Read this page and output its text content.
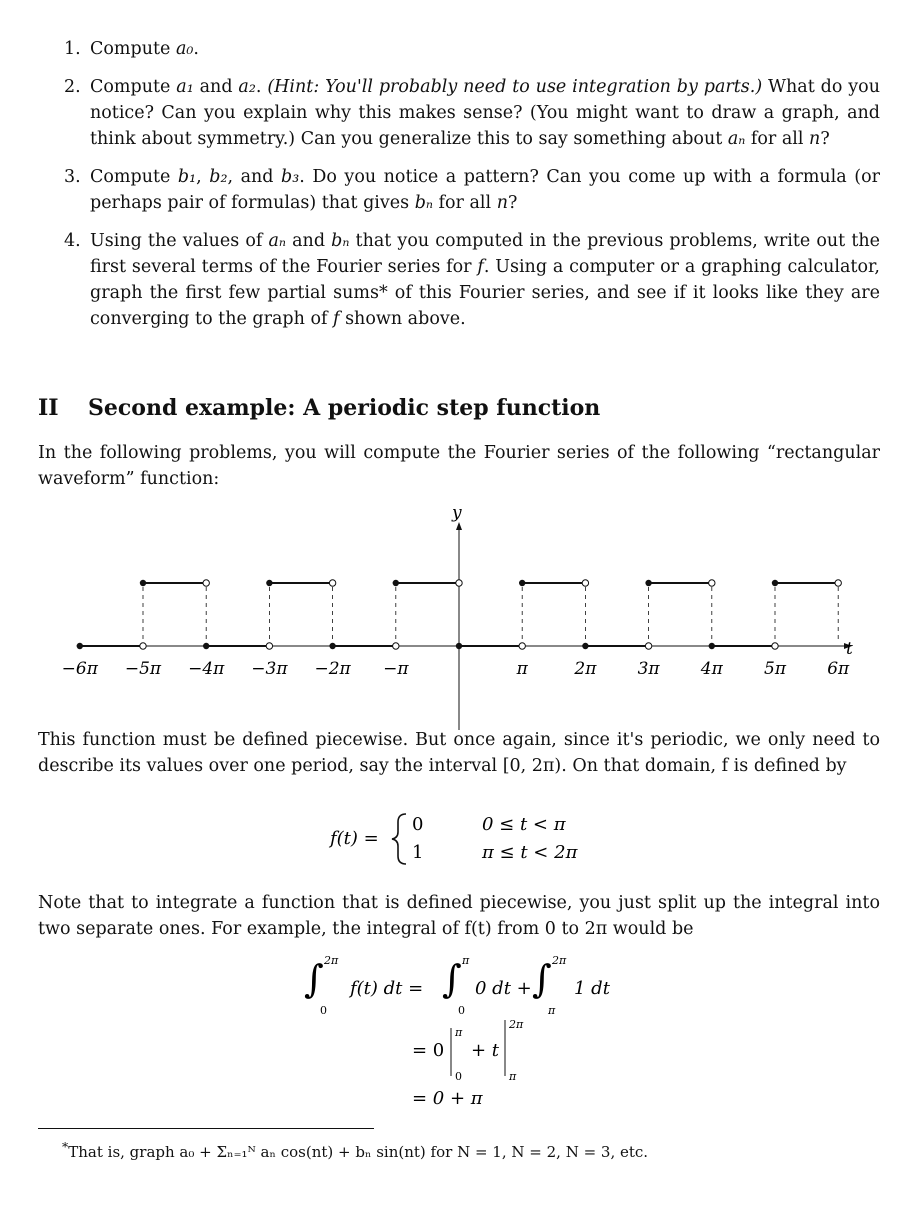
1. Compute a₀.
2. Compute a₁ and a₂. (Hint: You'll probably need to use integration by parts.) What do you notice? Can you explain why this makes sense? (You might want to draw a graph, and think about symmetry.) Can you generalize this to say something about aₙ for all n?
3. Compute b₁, b₂, and b₃. Do you notice a pattern? Can you come up with a formula (or perhaps pair of formulas) that gives bₙ for all n?
4. Using the values of aₙ and bₙ that you computed in the previous problems, write out the first several terms of the Fourier series for f. Using a computer or a graphing calculator, graph the first few partial sums* of this Fourier series, and see if it looks like they are converging to the graph of f shown above.
II Second example: A periodic step function

In the following problems, you will compute the Fourier series of the following “rectangular waveform” function:

y
t
−6π −5π −4π −3π −2π −π	π	2π 3π 4π 5π 6π

This function must be defined piecewise. But once again, since it's periodic, we only need to describe its values over one period, say the interval [0, 2π). On that domain, f is defined by

f(t) =
0	0 ≤ t < π
1	π ≤ t < 2π

Note that to integrate a function that is defined piecewise, you just split up the integral into two separate ones. For example, the integral of f(t) from 0 to 2π would be

∫ 2π
0
f(t) dt = ∫ π
0
0 dt + ∫ 2π
π
1 dt
= 0
π
0
+ t
2π
π
= 0 + π
*That is, graph a₀ + Σₙ₌₁ᴺ aₙ cos(nt) + bₙ sin(nt) for N = 1, N = 2, N = 3, etc.
